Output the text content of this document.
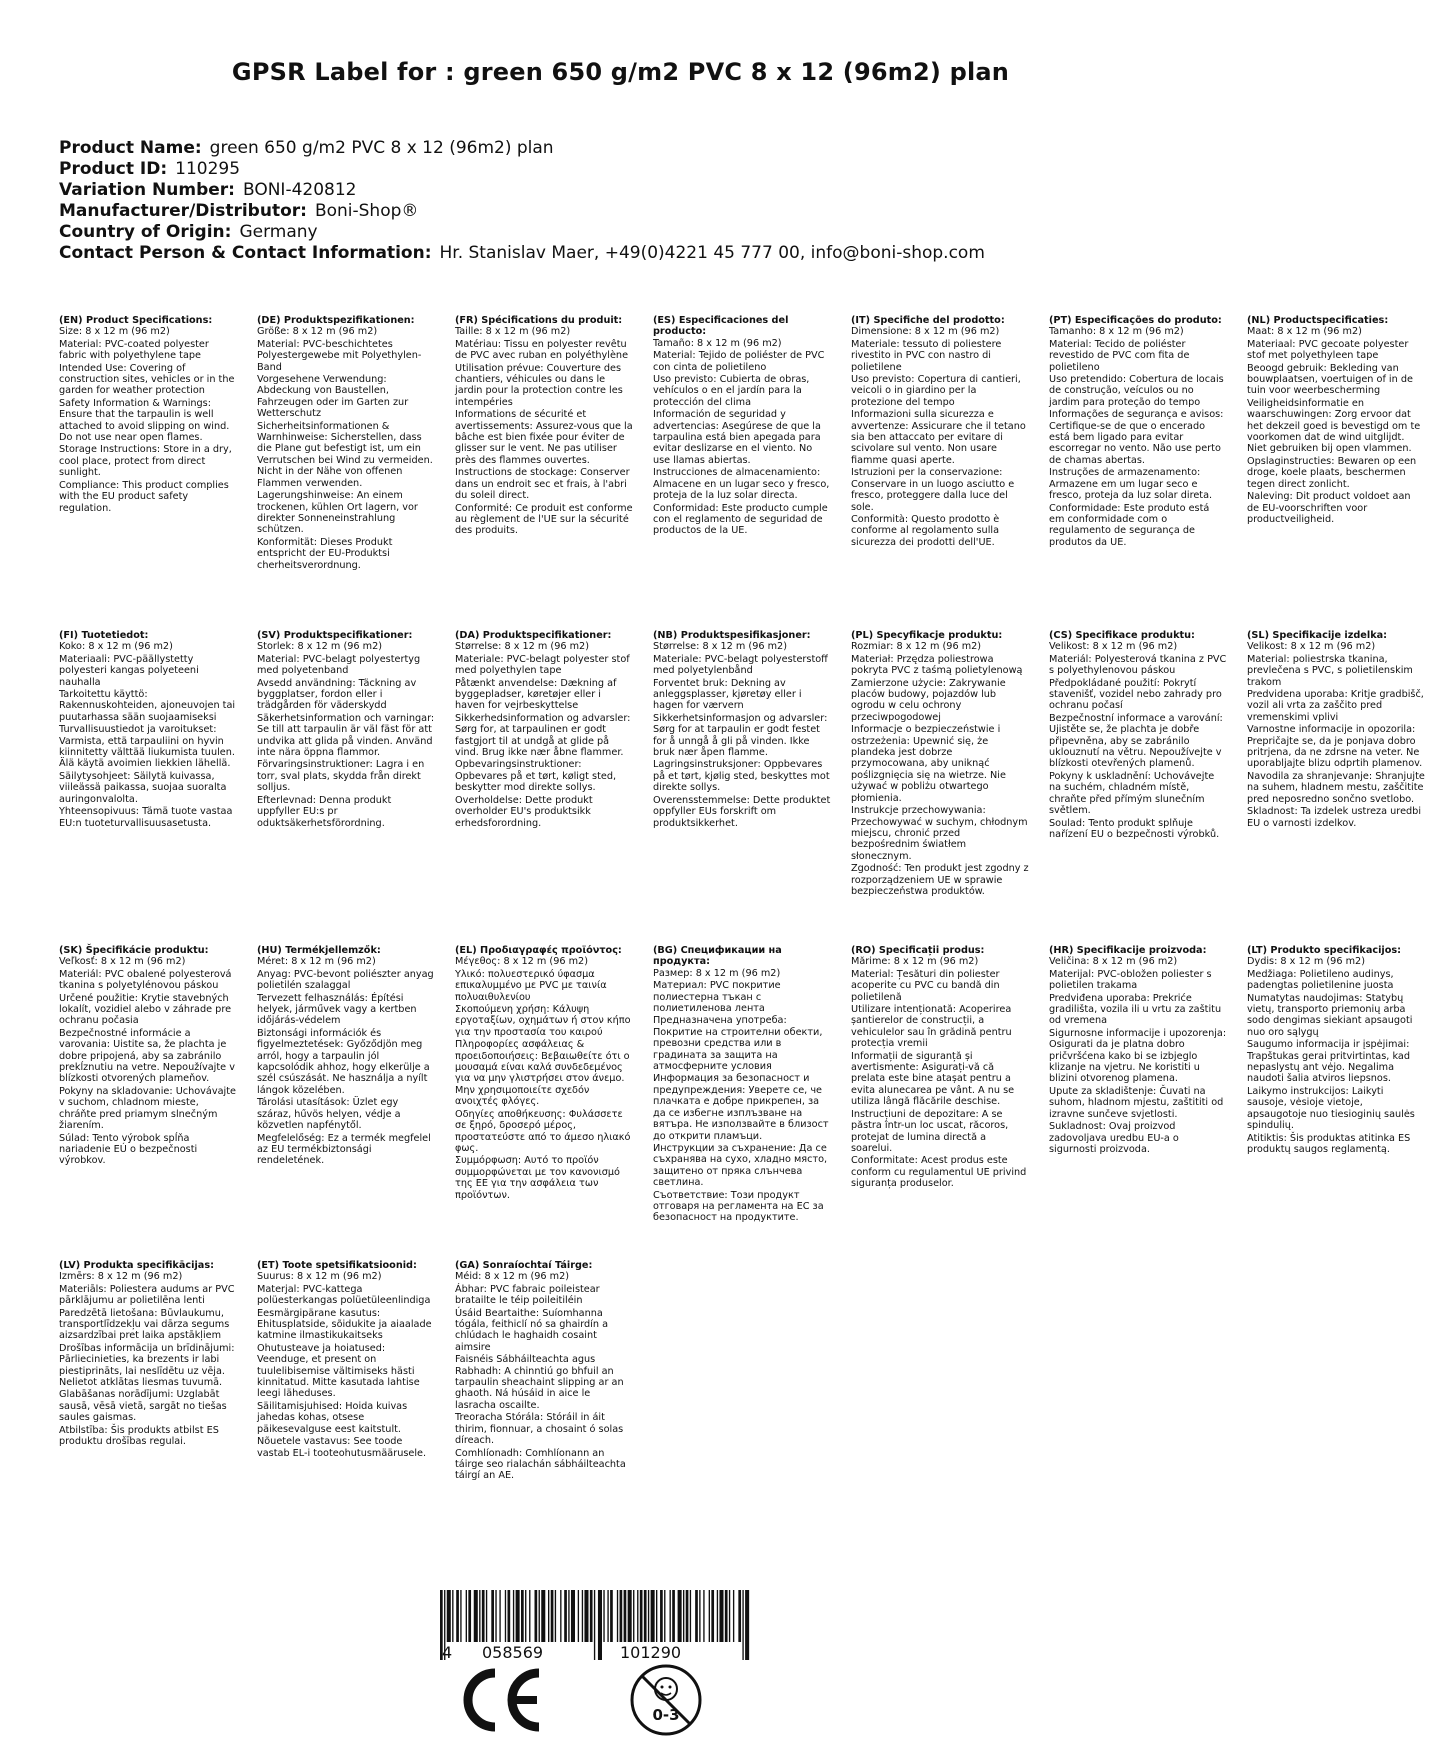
GPSR Label for : green 650 g/m2 PVC 8 x 12 (96m2) plan
Product Name: green 650 g/m2 PVC 8 x 12 (96m2) plan
Product ID: 110295
Variation Number: BONI-420812
Manufacturer/Distributor: Boni-Shop®
Country of Origin: Germany
Contact Person & Contact Information: Hr. Stanislav Maer, +49(0)4221 45 777 00, info@boni-shop.com
(EN) Product Specifications:

Size: 8 x 12 m (96 m2)

Material: PVC-coated polyester fabric with polyethylene tape

Intended Use: Covering of construction sites, vehicles or in the garden for weather protection

Safety Information & Warnings: Ensure that the tarpaulin is well attached to avoid slipping on wind. Do not use near open flames.

Storage Instructions: Store in a dry, cool place, protect from direct sunlight.

Compliance: This product complies with the EU product safety regulation.

(DE) Produktspezifikationen:

Größe: 8 x 12 m (96 m2)

Material: PVC-beschichtetes Polyestergewebe mit Polyethylen-Band

Vorgesehene Verwendung: Abdeckung von Baustellen, Fahrzeugen oder im Garten zur Wetterschutz

Sicherheitsinformationen & Warnhinweise: Sicherstellen, dass die Plane gut befestigt ist, um ein Verrutschen bei Wind zu vermeiden. Nicht in der Nähe von offenen Flammen verwenden.

Lagerungshinweise: An einem trockenen, kühlen Ort lagern, vor direkter Sonneneinstrahlung schützen.

Konformität: Dieses Produkt entspricht der EU-Produktsi cherheitsverordnung.

(FR) Spécifications du produit:

Taille: 8 x 12 m (96 m2)

Matériau: Tissu en polyester revêtu de PVC avec ruban en polyéthylène

Utilisation prévue: Couverture des chantiers, véhicules ou dans le jardin pour la protection contre les intempéries

Informations de sécurité et avertissements: Assurez-vous que la bâche est bien fixée pour éviter de glisser sur le vent. Ne pas utiliser près des flammes ouvertes.

Instructions de stockage: Conserver dans un endroit sec et frais, à l'abri du soleil direct.

Conformité: Ce produit est conforme au règlement de l'UE sur la sécurité des produits.

(ES) Especificaciones del producto:

Tamaño: 8 x 12 m (96 m2)

Material: Tejido de poliéster de PVC con cinta de polietileno

Uso previsto: Cubierta de obras, vehículos o en el jardín para la protección del clima

Información de seguridad y advertencias: Asegúrese de que la tarpaulina está bien apegada para evitar deslizarse en el viento. No use llamas abiertas.

Instrucciones de almacenamiento: Almacene en un lugar seco y fresco, proteja de la luz solar directa.

Conformidad: Este producto cumple con el reglamento de seguridad de productos de la UE.

(IT) Specifiche del prodotto:

Dimensione: 8 x 12 m (96 m2)

Materiale: tessuto di poliestere rivestito in PVC con nastro di polietilene

Uso previsto: Copertura di cantieri, veicoli o in giardino per la protezione del tempo

Informazioni sulla sicurezza e avvertenze: Assicurare che il tetano sia ben attaccato per evitare di scivolare sul vento. Non usare fiamme quasi aperte.

Istruzioni per la conservazione: Conservare in un luogo asciutto e fresco, proteggere dalla luce del sole.

Conformità: Questo prodotto è conforme al regolamento sulla sicurezza dei prodotti dell'UE.

(PT) Especificações do produto:

Tamanho: 8 x 12 m (96 m2)

Material: Tecido de poliéster revestido de PVC com fita de polietileno

Uso pretendido: Cobertura de locais de construção, veículos ou no jardim para proteção do tempo

Informações de segurança e avisos: Certifique-se de que o encerado está bem ligado para evitar escorregar no vento. Não use perto de chamas abertas.

Instruções de armazenamento: Armazene em um lugar seco e fresco, proteja da luz solar direta.

Conformidade: Este produto está em conformidade com o regulamento de segurança de produtos da UE.

(NL) Productspecificaties:

Maat: 8 x 12 m (96 m2)

Materiaal: PVC gecoate polyester stof met polyethyleen tape

Beoogd gebruik: Bekleding van bouwplaatsen, voertuigen of in de tuin voor weerbescherming

Veiligheidsinformatie en waarschuwingen: Zorg ervoor dat het dekzeil goed is bevestigd om te voorkomen dat de wind uitglijdt. Niet gebruiken bij open vlammen.

Opslaginstructies: Bewaren op een droge, koele plaats, beschermen tegen direct zonlicht.

Naleving: Dit product voldoet aan de EU-voorschriften voor productveiligheid.

(FI) Tuotetiedot:

Koko: 8 x 12 m (96 m2)

Materiaali: PVC-päällystetty polyesteri kangas polyeteeni nauhalla

Tarkoitettu käyttö: Rakennuskohteiden, ajoneuvojen tai puutarhassa sään suojaamiseksi

Turvallisuustiedot ja varoitukset: Varmista, että tarpauliini on hyvin kiinnitetty välttää liukumista tuulen. Älä käytä avoimien liekkien lähellä.

Säilytysohjeet: Säilytä kuivassa, viileässä paikassa, suojaa suoralta auringonvalolta.

Yhteensopivuus: Tämä tuote vastaa EU:n tuoteturvallisuusasetusta.

(SV) Produktspecifikationer:

Storlek: 8 x 12 m (96 m2)

Material: PVC-belagt polyestertyg med polyetenband

Avsedd användning: Täckning av byggplatser, fordon eller i trädgården för väderskydd

Säkerhetsinformation och varningar: Se till att tarpaulin är väl fäst för att undvika att glida på vinden. Använd inte nära öppna flammor.

Förvaringsinstruktioner: Lagra i en torr, sval plats, skydda från direkt solljus.

Efterlevnad: Denna produkt uppfyller EU:s pr oduktsäkerhetsförordning.

(DA) Produktspecifikationer:

Størrelse: 8 x 12 m (96 m2)

Materiale: PVC-belagt polyester stof med polyethylen tape

Påtænkt anvendelse: Dækning af byggepladser, køretøjer eller i haven for vejrbeskyttelse

Sikkerhedsinformation og advarsler: Sørg for, at tarpaulinen er godt fastgjort til at undgå at glide på vind. Brug ikke nær åbne flammer.

Opbevaringsinstruktioner: Opbevares på et tørt, køligt sted, beskytter mod direkte sollys.

Overholdelse: Dette produkt overholder EU's produktsikk erhedsforordning.

(NB) Produktspesifikasjoner:

Størrelse: 8 x 12 m (96 m2)

Materiale: PVC-belagt polyesterstoff med polyetylenbånd

Forventet bruk: Dekning av anleggsplasser, kjøretøy eller i hagen for værvern

Sikkerhetsinformasjon og advarsler: Sørg for at tarpaulin er godt festet for å unngå å gli på vinden. Ikke bruk nær åpen flamme.

Lagringsinstruksjoner: Oppbevares på et tørt, kjølig sted, beskyttes mot direkte sollys.

Overensstemmelse: Dette produktet oppfyller EUs forskrift om produktsikkerhet.

(PL) Specyfikacje produktu:

Rozmiar: 8 x 12 m (96 m2)

Materiał: Przędza poliestrowa pokryta PVC z taśmą polietylenową

Zamierzone użycie: Zakrywanie placów budowy, pojazdów lub ogrodu w celu ochrony przeciwpogodowej

Informacje o bezpieczeństwie i ostrzeżenia: Upewnić się, że plandeka jest dobrze przymocowana, aby uniknąć poślizgnięcia się na wietrze. Nie używać w pobliżu otwartego płomienia.

Instrukcje przechowywania: Przechowywać w suchym, chłodnym miejscu, chronić przed bezpośrednim światłem słonecznym.

Zgodność: Ten produkt jest zgodny z rozporządzeniem UE w sprawie bezpieczeństwa produktów.

(CS) Specifikace produktu:

Velikost: 8 x 12 m (96 m2)

Materiál: Polyesterová tkanina z PVC s polyethylenovou páskou

Předpokládané použití: Pokrytí stavenišť, vozidel nebo zahrady pro ochranu počasí

Bezpečnostní informace a varování: Ujistěte se, že plachta je dobře připevněna, aby se zabránilo uklouznutí na větru. Nepoužívejte v blízkosti otevřených plamenů.

Pokyny k uskladnění: Uchovávejte na suchém, chladném místě, chraňte před přímým slunečním světlem.

Soulad: Tento produkt splňuje nařízení EU o bezpečnosti výrobků.

(SL) Specifikacije izdelka:

Velikost: 8 x 12 m (96 m2)

Material: poliestrska tkanina, prevlečena s PVC, s polietilenskim trakom

Predvidena uporaba: Kritje gradbišč, vozil ali vrta za zaščito pred vremenskimi vplivi

Varnostne informacije in opozorila: Prepričajte se, da je ponjava dobro pritrjena, da ne zdrsne na veter. Ne uporabljajte blizu odprtih plamenov.

Navodila za shranjevanje: Shranjujte na suhem, hladnem mestu, zaščitite pred neposredno sončno svetlobo.

Skladnost: Ta izdelek ustreza uredbi EU o varnosti izdelkov.

(SK) Špecifikácie produktu:

Veľkosť: 8 x 12 m (96 m2)

Materiál: PVC obalené polyesterová tkanina s polyetylénovou páskou

Určené použitie: Krytie stavebných lokalít, vozidiel alebo v záhrade pre ochranu počasia

Bezpečnostné informácie a varovania: Uistite sa, že plachta je dobre pripojená, aby sa zabránilo prekĺznutiu na vetre. Nepoužívajte v blízkosti otvorených plameňov.

Pokyny na skladovanie: Uchovávajte v suchom, chladnom mieste, chráňte pred priamym slnečným žiarením.

Súlad: Tento výrobok spĺňa nariadenie EÚ o bezpečnosti výrobkov.

(HU) Termékjellemzők:

Méret: 8 x 12 m (96 m2)

Anyag: PVC-bevont poliészter anyag polietilén szalaggal

Tervezett felhasználás: Építési helyek, járművek vagy a kertben időjárás-védelem

Biztonsági információk és figyelmeztetések: Győződjön meg arról, hogy a tarpaulin jól kapcsolódik ahhoz, hogy elkerülje a szél csúszását. Ne használja a nyílt lángok közelében.

Tárolási utasítások: Üzlet egy száraz, hűvös helyen, védje a közvetlen napfénytől.

Megfelelőség: Ez a termék megfelel az EU termékbiztonsági rendeletének.

(EL) Προδιαγραφές προϊόντος:

Μέγεθος: 8 x 12 m (96 m2)

Υλικό: πολυεστερικό ύφασμα επικαλυμμένο με PVC με ταινία πολυαιθυλενίου

Σκοπούμενη χρήση: Κάλυψη εργοταξίων, οχημάτων ή στον κήπο για την προστασία του καιρού

Πληροφορίες ασφάλειας & προειδοποιήσεις: Βεβαιωθείτε ότι ο μουσαμά είναι καλά συνδεδεμένος για να μην γλιστρήσει στον άνεμο. Μην χρησιμοποιείτε σχεδόν ανοιχτές φλόγες.

Οδηγίες αποθήκευσης: Φυλάσσετε σε ξηρό, δροσερό μέρος, προστατεύστε από το άμεσο ηλιακό φως.

Συμμόρφωση: Αυτό το προϊόν συμμορφώνεται με τον κανονισμό της ΕΕ για την ασφάλεια των προϊόντων.

(BG) Спецификации на продукта:

Размер: 8 x 12 m (96 m2)

Материал: PVC покритие полиестерна тъкан с полиетиленова лента

Предназначена употреба: Покритие на строителни обекти, превозни средства или в градината за защита на атмосферните условия

Информация за безопасност и предупреждения: Уверете се, че плачката е добре прикрепен, за да се избегне изплъзване на вятъра. Не използвайте в близост до открити пламъци.

Инструкции за съхранение: Да се съхранява на сухо, хладно място, защитено от пряка слънчева светлина.

Съответствие: Този продукт отговаря на регламента на ЕС за безопасност на продуктите.

(RO) Specificații produs:

Mărime: 8 x 12 m (96 m2)

Material: Țesături din poliester acoperite cu PVC cu bandă din polietilenă

Utilizare intenționată: Acoperirea șantierelor de construcții, a vehiculelor sau în grădină pentru protecția vremii

Informații de siguranță și avertismente: Asigurați-vă că prelata este bine atașat pentru a evita alunecarea pe vânt. A nu se utiliza lângă flăcările deschise.

Instrucțiuni de depozitare: A se păstra într-un loc uscat, răcoros, protejat de lumina directă a soarelui.

Conformitate: Acest produs este conform cu regulamentul UE privind siguranța produselor.

(HR) Specifikacije proizvoda:

Veličina: 8 x 12 m (96 m2)

Materijal: PVC-obložen poliester s polietilen trakama

Predviđena uporaba: Prekriće gradilišta, vozila ili u vrtu za zaštitu od vremena

Sigurnosne informacije i upozorenja: Osigurati da je platna dobro pričvršćena kako bi se izbjeglo klizanje na vjetru. Ne koristiti u blizini otvorenog plamena.

Upute za skladištenje: Čuvati na suhom, hladnom mjestu, zaštititi od izravne sunčeve svjetlosti.

Sukladnost: Ovaj proizvod zadovoljava uredbu EU-a o sigurnosti proizvoda.

(LT) Produkto specifikacijos:

Dydis: 8 x 12 m (96 m2)

Medžiaga: Polietileno audinys, padengtas polietilenine juosta

Numatytas naudojimas: Statybų vietų, transporto priemonių arba sodo dengimas siekiant apsaugoti nuo oro sąlygų

Saugumo informacija ir įspėjimai: Trapštukas gerai pritvirtintas, kad nepaslystų ant vėjo. Negalima naudoti šalia atviros liepsnos.

Laikymo instrukcijos: Laikyti sausoje, vėsioje vietoje, apsaugotoje nuo tiesioginių saulės spindulių.

Atitiktis: Šis produktas atitinka ES produktų saugos reglamentą.

(LV) Produkta specifikācijas:

Izmērs: 8 x 12 m (96 m2)

Materiāls: Poliestera audums ar PVC pārklājumu ar polietilēna lenti

Paredzētā lietošana: Būvlaukumu, transportlīdzekļu vai dārza segums aizsardzībai pret laika apstākļiem

Drošības informācija un brīdinājumi: Pārliecinieties, ka brezents ir labi piestiprināts, lai neslīdētu uz vēja. Nelietot atklātas liesmas tuvumā.

Glabāšanas norādījumi: Uzglabāt sausā, vēsā vietā, sargāt no tiešas saules gaismas.

Atbilstība: Šis produkts atbilst ES produktu drošības regulai.

(ET) Toote spetsifikatsioonid:

Suurus: 8 x 12 m (96 m2)

Materjal: PVC-kattega polüesterkangas polüetüleenlindiga

Eesmärgipärane kasutus: Ehitusplatside, sõidukite ja aiaalade katmine ilmastikukaitseks

Ohutusteave ja hoiatused: Veenduge, et present on tuulelibisemise vältimiseks hästi kinnitatud. Mitte kasutada lahtise leegi läheduses.

Säilitamisjuhised: Hoida kuivas jahedas kohas, otsese päikesevalguse eest kaitstult.

Nõuetele vastavus: See toode vastab EL-i tooteohutusmäärusele.

(GA) Sonraíochtaí Táirge:

Méid: 8 x 12 m (96 m2)

Ábhar: PVC fabraic poileistear bratailte le téip poileitiléin

Úsáid Beartaithe: Suíomhanna tógála, feithiclí nó sa ghairdín a chlúdach le haghaidh cosaint aimsire

Faisnéis Sábháilteachta agus Rabhadh: A chinntiú go bhfuil an tarpaulin sheachaint slipping ar an ghaoth. Ná húsáid in aice le lasracha oscailte.

Treoracha Stórála: Stóráil in áit thirim, fionnuar, a chosaint ó solas díreach.

Comhlíonadh: Comhlíonann an táirge seo rialachán sábháilteachta táirgí an AE.

4 058569	101290
0-3
